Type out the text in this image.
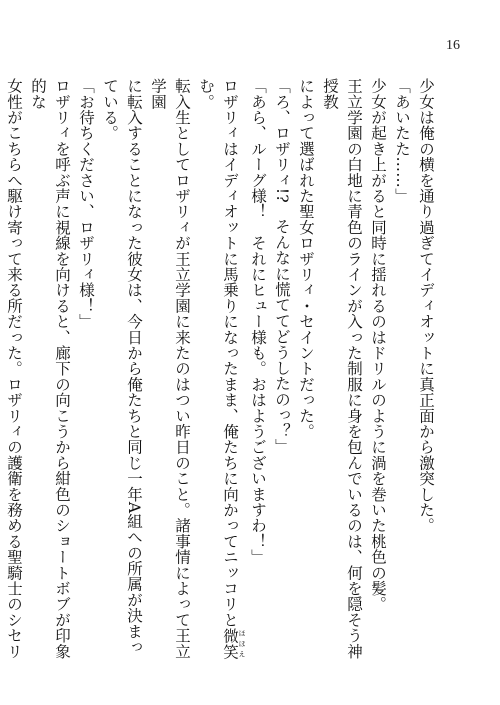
16
少女は俺の横を通り過ぎてイディオットに真正面から激突した。
「あいたた……」
少女が起き上がると同時に揺れるのはドリルのように渦を巻いた桃色の髪。
王立学園の白地に青色のラインが入った制服に身を包んでいるのは、何を隠そう神授教
によって選ばれた聖女ロザリィ・セイントだった。
「ろ、ロザリィ!?　そんなに慌ててどうしたのっ？」
「あら、ルーグ様！　それにヒュー様も。おはようございますわ！」
ロザリィはイディオットに馬乗りになったまま、俺たちに向かってニッコリと微笑 ほほえむ。
転入生としてロザリィが王立学園に来たのはつい昨日のこと。諸事情によって王立学園
に転入することになった彼女は、今日から俺たちと同じ一年A組への所属が決まっている。
「お待ちください、ロザリィ様！」
ロザリィを呼ぶ声に視線を向けると、廊下の向こうから紺色のショートボブが印象的な
女性がこちらへ駆け寄って来る所だった。ロザリィの護衛を務める聖騎士のシセリ
